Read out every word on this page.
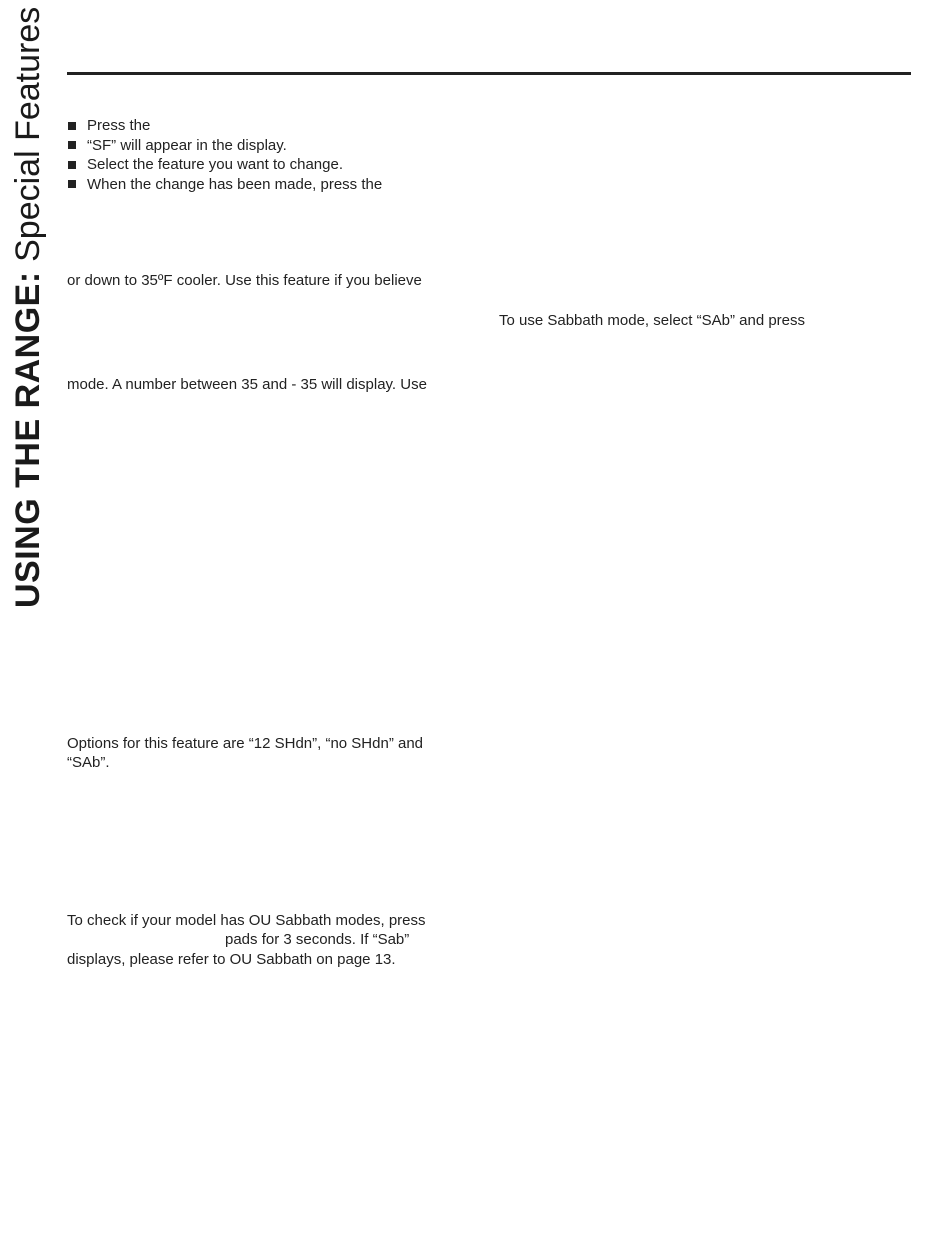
USING THE RANGE: Special Features	Press the
“SF” will appear in the display.
Select the feature you want to change.
When the change has been made, press the
or down to 35ºF cooler. Use this feature if you believe
To use Sabbath mode, select “SAb” and press
mode. A number between 35 and - 35 will display. Use
Options for this feature are “12 SHdn”, “no SHdn” and
“SAb”.
To check if your model has OU Sabbath modes, press
pads for 3 seconds. If “Sab”
displays, please refer to OU Sabbath on page 13.
